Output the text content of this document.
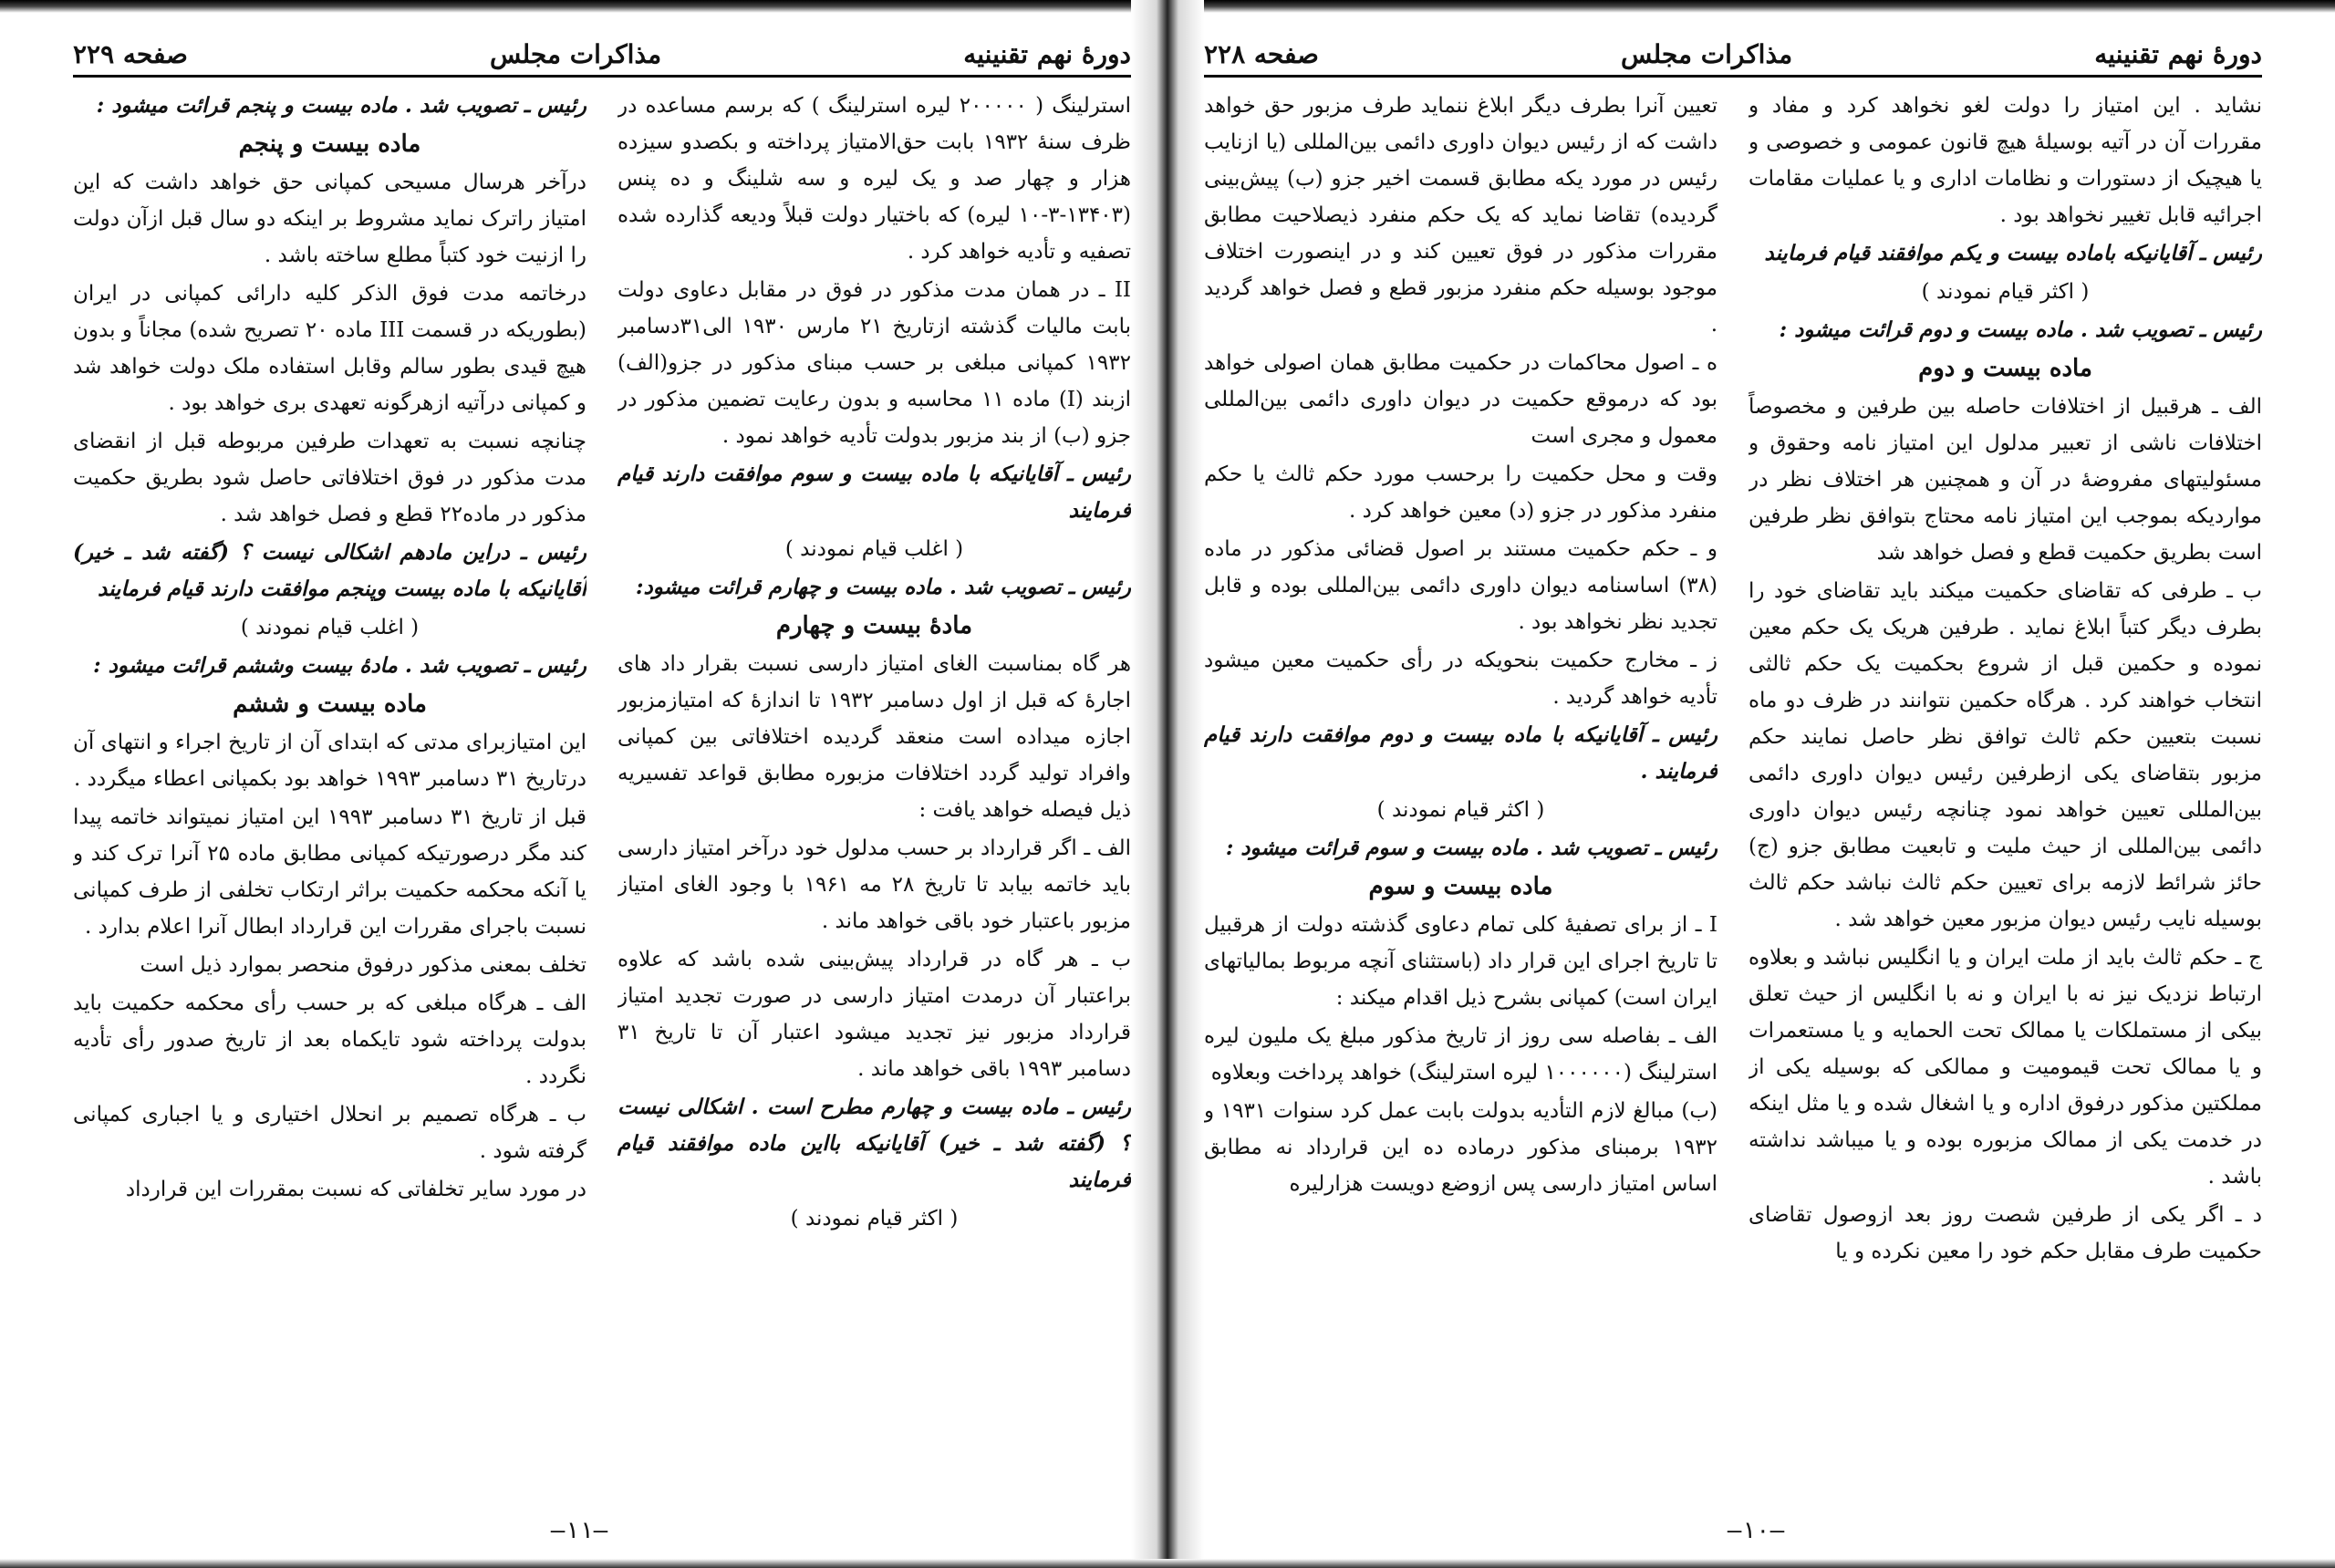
دورهٔ نهم تقنینیه
مذاکرات مجلس
صفحه ۲۲۹

استرلینگ ( ۲۰۰۰۰۰ لیره استرلینگ ) که برسم مساعده در ظرف سنهٔ ۱۹۳۲ بابت حق‌الامتیاز پرداخته و بکصدو سیزده هزار و چهار صد و یک لیره و سه شلینگ و ده پنس (۱۳۴۰۳-۳-۱۰ لیره) که باختیار دولت قبلاً ودیعه گذارده شده تصفیه و تأدیه خواهد کرد .

II ـ در همان مدت مذکور در فوق در مقابل دعاوی دولت بابت مالیات گذشته ازتاریخ ۲۱ مارس ۱۹۳۰ الی۳۱دسامبر ۱۹۳۲ کمپانی مبلغی بر حسب مبنای مذکور در جزو(الف) ازبند (I) ماده ۱۱ محاسبه و بدون رعایت تضمین مذکور در جزو (ب) از بند مزبور بدولت تأدیه خواهد نمود .

رئیس ـ آقایانیکه با ماده بیست و سوم موافقت دارند قیام فرمایند

( اغلب قیام نمودند )

رئیس ـ تصویب شد . ماده بیست و چهارم قرائت میشود:

مادهٔ بیست و چهارم

هر گاه بمناسبت الغای امتیاز دارسی نسبت بقرار داد های اجارهٔ که قبل از اول دسامبر ۱۹۳۲ تا اندازهٔ که امتیازمزبور اجازه میداده است منعقد گردیده اختلافاتی بین کمپانی وافراد تولید گردد اختلافات مزبوره مطابق قواعد تفسیریه ذیل فیصله خواهد یافت :

الف ـ اگر قرارداد بر حسب مدلول خود درآخر امتیاز دارسی باید خاتمه بیابد تا تاریخ ۲۸ مه ۱۹۶۱ با وجود الغای امتیاز مزبور باعتبار خود باقی خواهد ماند .

ب ـ هر گاه در قرارداد پیش‌بینی شده باشد که علاوه براعتبار آن درمدت امتیاز دارسی در صورت تجدید امتیاز قرارداد مزبور نیز تجدید میشود اعتبار آن تا تاریخ ۳۱ دسامبر ۱۹۹۳ باقی خواهد ماند .

رئیس ـ ماده بیست و چهارم مطرح است . اشکالی نیست ؟ (گفته شد ـ خیر) آقایانیکه بااین ماده موافقند قیام فرمایند

( اکثر قیام نمودند )

رئیس ـ تصویب شد . ماده بیست و پنجم قرائت میشود :

ماده بیست و پنجم

درآخر هرسال مسیحی کمپانی حق خواهد داشت که این امتیاز راترک نماید مشروط بر اینکه دو سال قبل ازآن دولت را ازنیت خود کتباً مطلع ساخته باشد .

درخاتمه مدت فوق الذکر کلیه دارائی کمپانی در ایران (بطوریکه در قسمت III ماده ۲۰ تصریح شده) مجاناً و بدون هیچ قیدی بطور سالم وقابل استفاده ملک دولت خواهد شد و کمپانی درآتیه ازهرگونه تعهدی بری خواهد بود .

چنانچه نسبت به تعهدات طرفین مربوطه قبل از انقضای مدت مذکور در فوق اختلافاتی حاصل شود بطریق حکمیت مذکور در ماده۲۲ قطع و فصل خواهد شد .

رئیس ـ دراین مادهم اشکالی نیست ؟ (گفته شد ـ خیر) آقایانیکه با ماده بیست وپنجم موافقت دارند قیام فرمایند

( اغلب قیام نمودند )

رئیس ـ تصویب شد . مادهٔ بیست وششم قرائت میشود :

ماده بیست و ششم

این امتیازبرای مدتی که ابتدای آن از تاریخ اجراء و انتهای آن درتاریخ ۳۱ دسامبر ۱۹۹۳ خواهد بود بکمپانی اعطاء میگردد .

قبل از تاریخ ۳۱ دسامبر ۱۹۹۳ این امتیاز نمیتواند خاتمه پیدا کند مگر درصورتیکه کمپانی مطابق ماده ۲۵ آنرا ترک کند و یا آنکه محکمه حکمیت براثر ارتکاب تخلفی از طرف کمپانی نسبت باجرای مقررات این قرارداد ابطال آنرا اعلام بدارد .

تخلف بمعنی مذکور درفوق منحصر بموارد ذیل است

الف ـ هرگاه مبلغی که بر حسب رأی محکمه حکمیت باید بدولت پرداخته شود تایکماه بعد از تاریخ صدور رأی تأدیه نگردد .

ب ـ هرگاه تصمیم بر انحلال اختیاری و یا اجباری کمپانی گرفته شود .

در مورد سایر تخلفاتی که نسبت بمقررات این قرارداد

–۱۱–
دورهٔ نهم تقنینیه
مذاکرات مجلس
صفحه ۲۲۸

نشاید . این امتیاز را دولت لغو نخواهد کرد و مفاد و مقررات آن در آتیه بوسیلهٔ هیچ قانون عمومی و خصوصی و یا هیچیک از دستورات و نظامات اداری و یا عملیات مقامات اجرائیه قابل تغییر نخواهد بود .

رئیس ـ آقایانیکه باماده بیست و یکم موافقند قیام فرمایند

( اکثر قیام نمودند )

رئیس ـ تصویب شد . ماده بیست و دوم قرائت میشود :

ماده بیست و دوم

الف ـ هرقبیل از اختلافات حاصله بین طرفین و مخصوصاً اختلافات ناشی از تعبیر مدلول این امتیاز نامه وحقوق و مسئولیتهای مفروضهٔ در آن و همچنین هر اختلاف نظر در مواردیکه بموجب این امتیاز نامه محتاج بتوافق نظر طرفین است بطریق حکمیت قطع و فصل خواهد شد

ب ـ طرفی که تقاضای حکمیت میکند باید تقاضای خود را بطرف دیگر کتباً ابلاغ نماید . طرفین هریک یک حکم معین نموده و حکمین قبل از شروع بحکمیت یک حکم ثالثی انتخاب خواهند کرد . هرگاه حکمین نتوانند در ظرف دو ماه نسبت بتعیین حکم ثالث توافق نظر حاصل نمایند حکم مزبور بتقاضای یکی ازطرفین رئیس دیوان داوری دائمی بین‌المللی تعیین خواهد نمود چنانچه رئیس دیوان داوری دائمی بین‌المللی از حیث ملیت و تابعیت مطابق جزو (ج) حائز شرائط لازمه برای تعیین حکم ثالث نباشد حکم ثالث بوسیله نایب رئیس دیوان مزبور معین خواهد شد .

ج ـ حکم ثالث باید از ملت ایران و یا انگلیس نباشد و بعلاوه ارتباط نزدیک نیز نه با ایران و نه با انگلیس از حیث تعلق بیکی از مستملکات یا ممالک تحت الحمایه و یا مستعمرات و یا ممالک تحت قیمومیت و ممالکی که بوسیله یکی از مملکتین مذکور درفوق اداره و یا اشغال شده و یا مثل اینکه در خدمت یکی از ممالک مزبوره بوده و یا میباشد نداشته باشد .

د ـ اگر یکی از طرفین شصت روز بعد ازوصول تقاضای حکمیت طرف مقابل حکم خود را معین نکرده و یا

تعیین آنرا بطرف دیگر ابلاغ ننماید طرف مزبور حق خواهد داشت که از رئیس دیوان داوری دائمی بین‌المللی (یا ازنایب رئیس در مورد یکه مطابق قسمت اخیر جزو (ب) پیش‌بینی گردیده) تقاضا نماید که یک حکم منفرد ذیصلاحیت مطابق مقررات مذکور در فوق تعیین کند و در اینصورت اختلاف موجود بوسیله حکم منفرد مزبور قطع و فصل خواهد گردید .

ه ـ اصول محاکمات در حکمیت مطابق همان اصولی خواهد بود که درموقع حکمیت در دیوان داوری دائمی بین‌المللی معمول و مجری است

وقت و محل حکمیت را برحسب مورد حکم ثالث یا حکم منفرد مذکور در جزو (د) معین خواهد کرد .

و ـ حکم حکمیت مستند بر اصول قضائی مذکور در ماده (۳۸) اساسنامه دیوان داوری دائمی بین‌المللی بوده و قابل تجدید نظر نخواهد بود .

ز ـ مخارج حکمیت بنحویکه در رأی حکمیت معین میشود تأدیه خواهد گردید .

رئیس ـ آقایانیکه با ماده بیست و دوم موافقت دارند قیام فرمایند .

( اکثر قیام نمودند )

رئیس ـ تصویب شد . ماده بیست و سوم قرائت میشود :

ماده بیست و سوم

I ـ از برای تصفیهٔ کلی تمام دعاوی گذشته دولت از هرقبیل تا تاریخ اجرای این قرار داد (باستثنای آنچه مربوط بمالیاتهای ایران است) کمپانی بشرح ذیل اقدام میکند :

الف ـ بفاصله سی روز از تاریخ مذکور مبلغ یک ملیون لیره استرلینگ (۱۰۰۰۰۰۰ لیره استرلینگ) خواهد پرداخت وبعلاوه

(ب) مبالغ لازم التأدیه بدولت بابت عمل کرد سنوات ۱۹۳۱ و ۱۹۳۲ برمبنای مذکور درماده ده این قرارداد نه مطابق اساس امتیاز دارسی پس ازوضع دویست هزارلیره

–۱۰–
